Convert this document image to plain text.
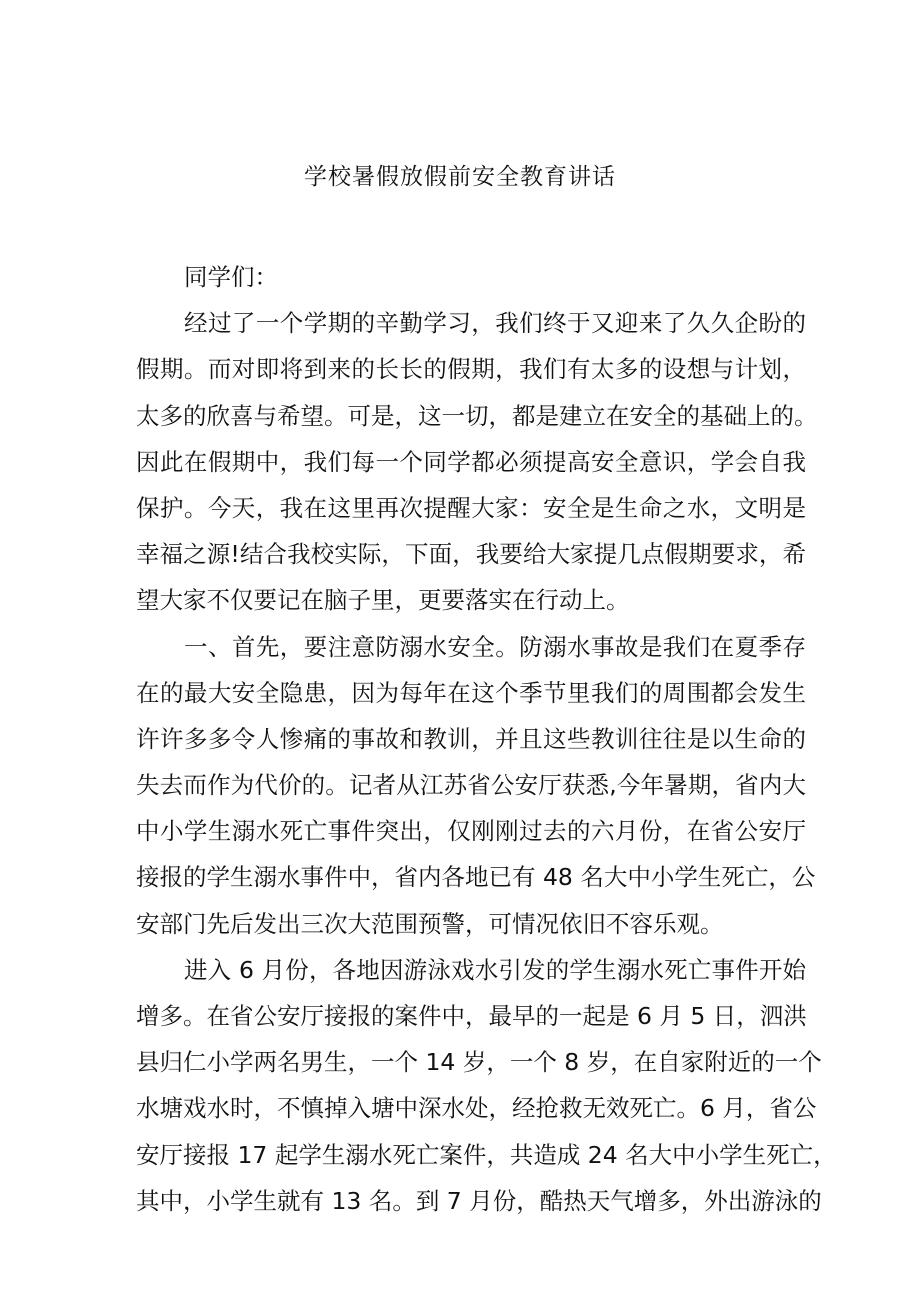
学校暑假放假前安全教育讲话
同学们：
经过了一个学期的辛勤学习，我们终于又迎来了久久企盼的
假期。而对即将到来的长长的假期，我们有太多的设想与计划，
太多的欣喜与希望。可是，这一切，都是建立在安全的基础上的。
因此在假期中，我们每一个同学都必须提高安全意识，学会自我
保护。今天，我在这里再次提醒大家：安全是生命之水，文明是
幸福之源!结合我校实际，下面，我要给大家提几点假期要求，希
望大家不仅要记在脑子里，更要落实在行动上。
一、首先，要注意防溺水安全。防溺水事故是我们在夏季存
在的最大安全隐患，因为每年在这个季节里我们的周围都会发生
许许多多令人惨痛的事故和教训，并且这些教训往往是以生命的
失去而作为代价的。记者从江苏省公安厅获悉,今年暑期，省内大
中小学生溺水死亡事件突出，仅刚刚过去的六月份，在省公安厅
接报的学生溺水事件中，省内各地已有 48 名大中小学生死亡，公
安部门先后发出三次大范围预警，可情况依旧不容乐观。
进入 6 月份，各地因游泳戏水引发的学生溺水死亡事件开始
增多。在省公安厅接报的案件中，最早的一起是 6 月 5 日，泗洪
县归仁小学两名男生，一个 14 岁，一个 8 岁，在自家附近的一个
水塘戏水时，不慎掉入塘中深水处，经抢救无效死亡。6 月，省公
安厅接报 17 起学生溺水死亡案件，共造成 24 名大中小学生死亡，
其中，小学生就有 13 名。到 7 月份，酷热天气增多，外出游泳的
